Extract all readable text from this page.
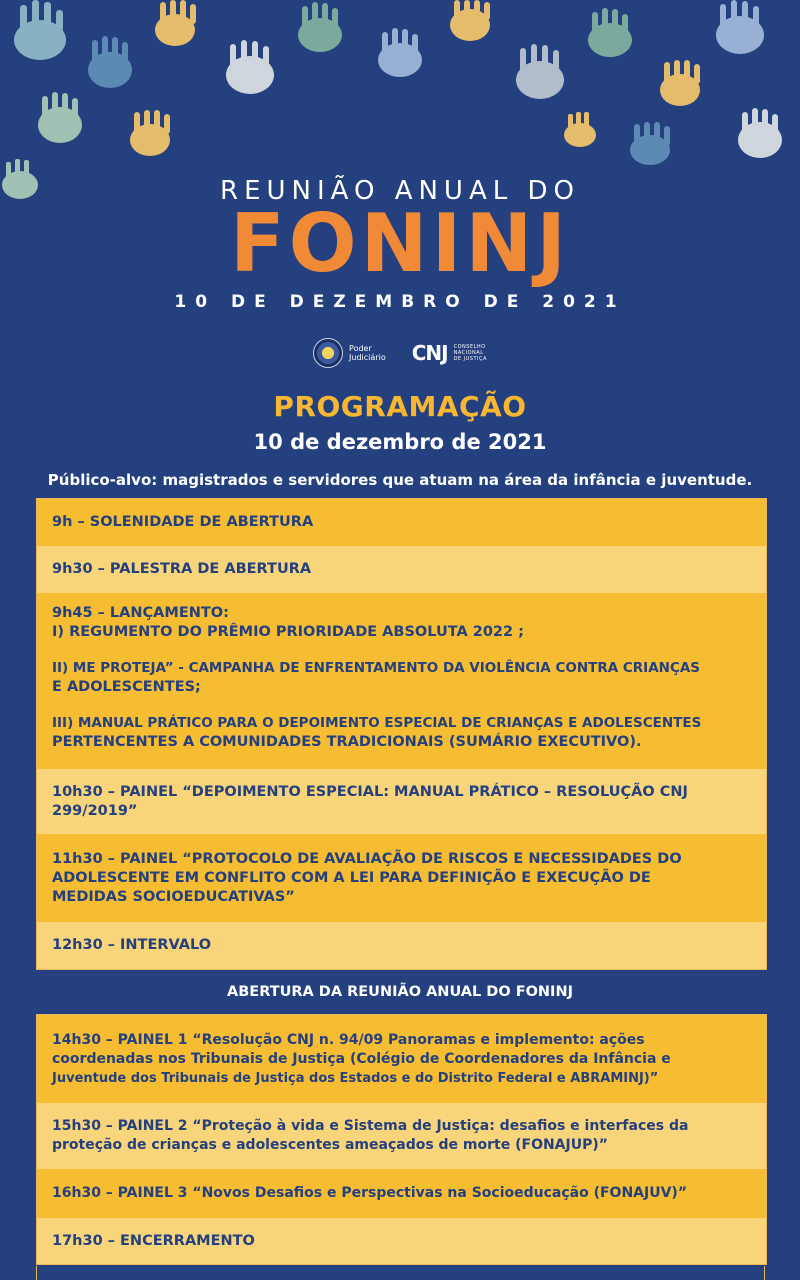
REUNIÃO ANUAL DO
FONINJ
10 DE DEZEMBRO DE 2021
Poder
Judiciário CNJ CONSELHO
NACIONAL
DE JUSTIÇA
PROGRAMAÇÃO
10 de dezembro de 2021
Público-alvo: magistrados e servidores que atuam na área da infância e juventude.
9h – SOLENIDADE DE ABERTURA
9h30 – PALESTRA DE ABERTURA
9h45 – LANÇAMENTO:
I) REGUMENTO DO PRÊMIO PRIORIDADE ABSOLUTA 2022 ;
II) ME PROTEJA” - CAMPANHA DE ENFRENTAMENTO DA VIOLÊNCIA CONTRA CRIANÇAS
E ADOLESCENTES;
III) MANUAL PRÁTICO PARA O DEPOIMENTO ESPECIAL DE CRIANÇAS E ADOLESCENTES
PERTENCENTES A COMUNIDADES TRADICIONAIS (SUMÁRIO EXECUTIVO).
10h30 – PAINEL “DEPOIMENTO ESPECIAL: MANUAL PRÁTICO – RESOLUÇÃO CNJ
299/2019”
11h30 – PAINEL “PROTOCOLO DE AVALIAÇÃO DE RISCOS E NECESSIDADES DO
ADOLESCENTE EM CONFLITO COM A LEI PARA DEFINIÇÃO E EXECUÇÃO DE
MEDIDAS SOCIOEDUCATIVAS”
12h30 – INTERVALO
ABERTURA DA REUNIÃO ANUAL DO FONINJ
14h30 – PAINEL 1 “Resolução CNJ n. 94/09 Panoramas e implemento: ações
coordenadas nos Tribunais de Justiça (Colégio de Coordenadores da Infância e
Juventude dos Tribunais de Justiça dos Estados e do Distrito Federal e ABRAMINJ)”
15h30 – PAINEL 2 “Proteção à vida e Sistema de Justiça: desafios e interfaces da
proteção de crianças e adolescentes ameaçados de morte (FONAJUP)”
16h30 – PAINEL 3 “Novos Desafios e Perspectivas na Socioeducação (FONAJUV)”
17h30 – ENCERRAMENTO
